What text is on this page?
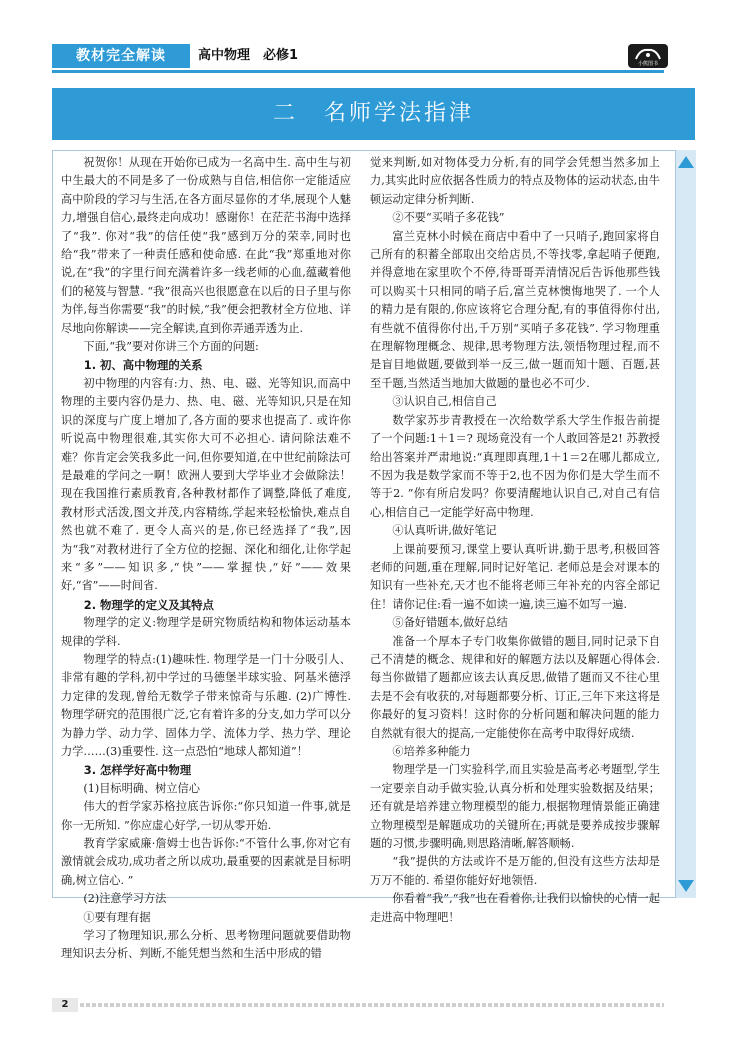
教材完全解读	高中物理　必修1
小熊图书
二 名师学法指津

祝贺你！从现在开始你已成为一名高中生. 高中生与初中生最大的不同是多了一份成熟与自信,相信你一定能适应高中阶段的学习与生活,在各方面尽显你的才华,展现个人魅力,增强自信心,最终走向成功！感谢你！在茫茫书海中选择了“我”. 你对“我”的信任使“我”感到万分的荣幸,同时也给“我”带来了一种责任感和使命感. 在此“我”郑重地对你说,在“我”的字里行间充满着许多一线老师的心血,蕴藏着他们的秘笈与智慧. “我”很高兴也很愿意在以后的日子里与你为伴,每当你需要“我”的时候,“我”便会把教材全方位地、详尽地向你解读——完全解读,直到你弄通弄透为止.

下面,“我”要对你讲三个方面的问题:

1. 初、高中物理的关系

初中物理的内容有:力、热、电、磁、光等知识,而高中物理的主要内容仍是力、热、电、磁、光等知识,只是在知识的深度与广度上增加了,各方面的要求也提高了. 或许你听说高中物理很难,其实你大可不必担心. 请问除法难不难？你肯定会笑我多此一问,但你要知道,在中世纪前除法可是最难的学问之一啊！欧洲人要到大学毕业才会做除法！现在我国推行素质教育,各种教材都作了调整,降低了难度,教材形式活泼,图文并茂,内容精练,学起来轻松愉快,难点自然也就不难了. 更令人高兴的是,你已经选择了“我”,因为“我”对教材进行了全方位的挖掘、深化和细化,让你学起来“多”——知识多,“快”——掌握快,“好”——效果好,“省”——时间省.

2. 物理学的定义及其特点

物理学的定义:物理学是研究物质结构和物体运动基本规律的学科.

物理学的特点:(1)趣味性. 物理学是一门十分吸引人、非常有趣的学科,初中学过的马德堡半球实验、阿基米德浮力定律的发现,曾给无数学子带来惊奇与乐趣. (2)广博性. 物理学研究的范围很广泛,它有着许多的分支,如力学可以分为静力学、动力学、固体力学、流体力学、热力学、理论力学……(3)重要性. 这一点恐怕“地球人都知道”！

3. 怎样学好高中物理

(1)目标明确、树立信心

伟大的哲学家苏格拉底告诉你:“你只知道一件事,就是你一无所知. ”你应虚心好学,一切从零开始.

教育学家威廉·詹姆士也告诉你:“不管什么事,你对它有激情就会成功,成功者之所以成功,最重要的因素就是目标明确,树立信心. ”

(2)注意学习方法

①要有理有据

学习了物理知识,那么分析、思考物理问题就要借助物理知识去分析、判断,不能凭想当然和生活中形成的错

觉来判断,如对物体受力分析,有的同学会凭想当然多加上力,其实此时应依据各性质力的特点及物体的运动状态,由牛顿运动定律分析判断.

②不要“买哨子多花钱”

富兰克林小时候在商店中看中了一只哨子,跑回家将自己所有的积蓄全部取出交给店员,不等找零,拿起哨子便跑,并得意地在家里吹个不停,待哥哥弄清情况后告诉他那些钱可以购买十只相同的哨子后,富兰克林懊悔地哭了. 一个人的精力是有限的,你应该将它合理分配,有的事值得你付出,有些就不值得你付出,千万别“买哨子多花钱”. 学习物理重在理解物理概念、规律,思考物理方法,领悟物理过程,而不是盲目地做题,要做到举一反三,做一题而知十题、百题,甚至千题,当然适当地加大做题的量也必不可少.

③认识自己,相信自己

数学家苏步青教授在一次给数学系大学生作报告前提了一个问题:1＋1＝? 现场竟没有一个人敢回答是2! 苏教授给出答案并严肃地说:“真理即真理,1＋1＝2在哪儿都成立,不因为我是数学家而不等于2,也不因为你们是大学生而不等于2. ”你有所启发吗？你要清醒地认识自己,对自己有信心,相信自己一定能学好高中物理.

④认真听讲,做好笔记

上课前要预习,课堂上要认真听讲,勤于思考,积极回答老师的问题,重在理解,同时记好笔记. 老师总是会对课本的知识有一些补充,天才也不能将老师三年补充的内容全部记住！请你记住:看一遍不如读一遍,读三遍不如写一遍.

⑤备好错题本,做好总结

准备一个厚本子专门收集你做错的题目,同时记录下自己不清楚的概念、规律和好的解题方法以及解题心得体会. 每当你做错了题都应该去认真反思,做错了题而又不往心里去是不会有收获的,对每题都要分析、订正,三年下来这将是你最好的复习资料！这时你的分析问题和解决问题的能力自然就有很大的提高,一定能使你在高考中取得好成绩.

⑥培养多种能力

物理学是一门实验科学,而且实验是高考必考题型,学生一定要亲自动手做实验,认真分析和处理实验数据及结果；还有就是培养建立物理模型的能力,根据物理情景能正确建立物理模型是解题成功的关键所在;再就是要养成按步骤解题的习惯,步骤明确,则思路清晰,解答顺畅.

“我”提供的方法或许不是万能的,但没有这些方法却是万万不能的. 希望你能好好地领悟.

你看着“我”,“我”也在看着你,让我们以愉快的心情一起走进高中物理吧！

2
